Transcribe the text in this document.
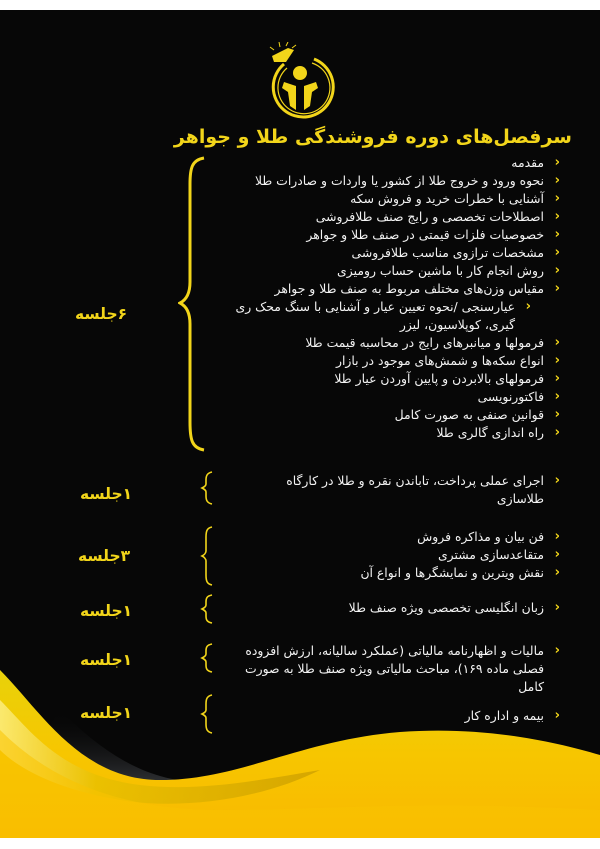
سرفصل‌های دوره فروشندگی طلا و جواهر
۶جلسه
‹
مقدمه
‹
نحوه ورود و خروج طلا از کشور یا واردات و صادرات طلا
‹
آشنایی با خطرات خرید و فروش سکه
‹
اصطلاحات تخصصی و رایج صنف طلافروشی
‹
خصوصیات فلزات قیمتی در صنف طلا و جواهر
‹
مشخصات ترازوی مناسب طلافروشی
‹
روش انجام کار با ماشین حساب رومیزی
‹
مقیاس وزن‌های مختلف مربوط به صنف طلا و جواهر
‹
عیارسنجی /نحوه تعیین عیار و آشنایی با سنگ محک ری گیری، کوپلاسیون، لیزر
‹
فرمولها و میانبرهای رایج در محاسبه قیمت طلا
‹
انواع سکه‌ها و شمش‌های موجود در بازار
‹
فرمولهای بالابردن و پایین آوردن عیار طلا
‹
فاکتورنویسی
‹
قوانین صنفی به صورت کامل
‹
راه اندازی گالری طلا
۱جلسه
‹
اجرای عملی پرداخت، تاباندن نقره و طلا در کارگاه طلاسازی
۳جلسه
‹
فن بیان و مذاکره فروش
‹
متقاعدسازی مشتری
‹
نقش ویترین و نمایشگرها و انواع آن
۱جلسه	‹
زبان انگلیسی تخصصی ویژه صنف طلا
۱جلسه
‹
مالیات و اظهارنامه مالیاتی (عملکرد سالیانه، ارزش افزوده فصلی ماده ۱۶۹)، مباحث مالیاتی ویژه صنف طلا به صورت کامل
۱جلسه	‹
بیمه و اداره کار
